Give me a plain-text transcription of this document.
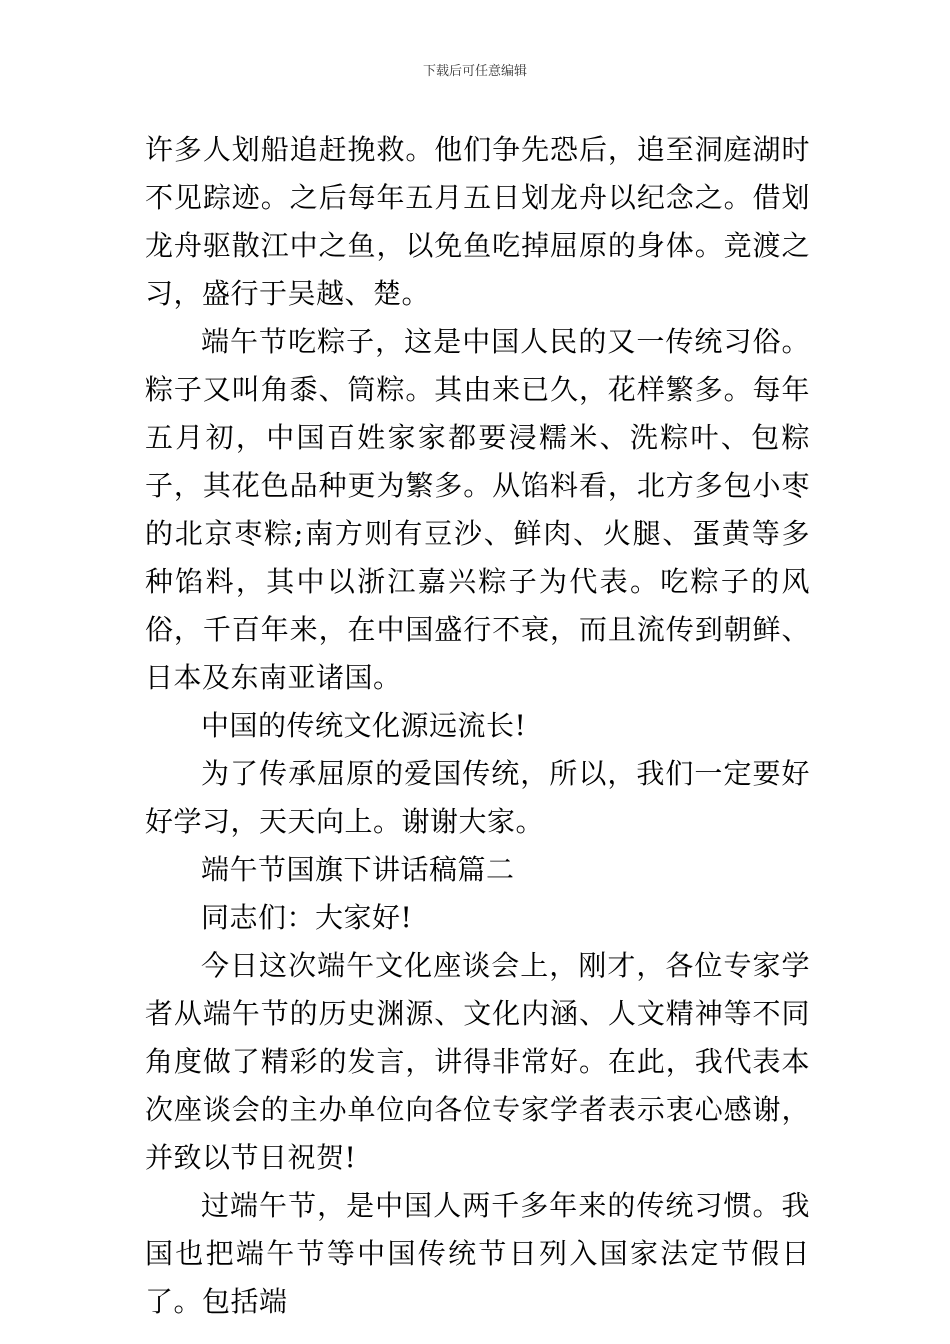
下载后可任意编辑

许多人划船追赶挽救。他们争先恐后，追至洞庭湖时不见踪迹。之后每年五月五日划龙舟以纪念之。借划龙舟驱散江中之鱼，以免鱼吃掉屈原的身体。竞渡之习，盛行于吴越、楚。

端午节吃粽子，这是中国人民的又一传统习俗。粽子又叫角黍、筒粽。其由来已久，花样繁多。每年五月初，中国百姓家家都要浸糯米、洗粽叶、包粽子，其花色品种更为繁多。从馅料看，北方多包小枣的北京枣粽;南方则有豆沙、鲜肉、火腿、蛋黄等多种馅料，其中以浙江嘉兴粽子为代表。吃粽子的风俗，千百年来，在中国盛行不衰，而且流传到朝鲜、日本及东南亚诸国。

中国的传统文化源远流长!

为了传承屈原的爱国传统，所以，我们一定要好好学习，天天向上。谢谢大家。

端午节国旗下讲话稿篇二

同志们：大家好!

今日这次端午文化座谈会上，刚才，各位专家学者从端午节的历史渊源、文化内涵、人文精神等不同角度做了精彩的发言，讲得非常好。在此，我代表本次座谈会的主办单位向各位专家学者表示衷心感谢，并致以节日祝贺!

过端午节，是中国人两千多年来的传统习惯。我国也把端午节等中国传统节日列入国家法定节假日了。包括端
